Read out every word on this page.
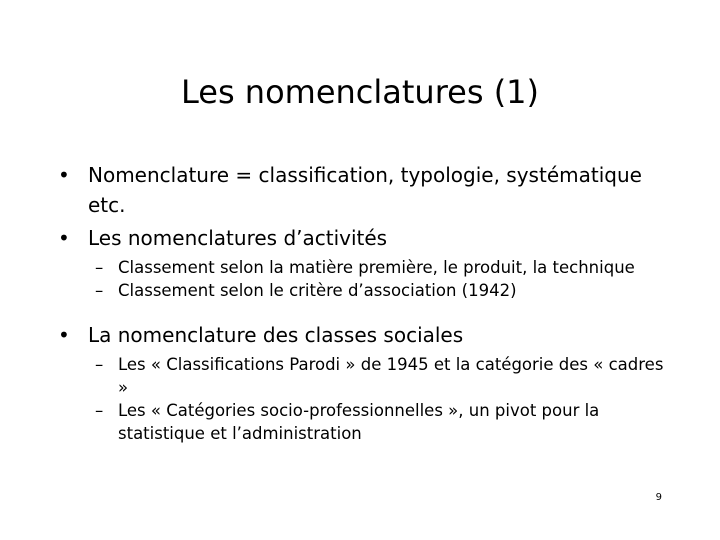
Les nomenclatures (1)
• Nomenclature = classification, typologie, systématique etc.
• Les nomenclatures d’activités
– Classement selon la matière première, le produit, la technique
– Classement selon le critère d’association (1942)
• La nomenclature des classes sociales
– Les « Classifications Parodi » de 1945 et la catégorie des « cadres »
– Les « Catégories socio-professionnelles », un pivot pour la statistique et l’administration
9
